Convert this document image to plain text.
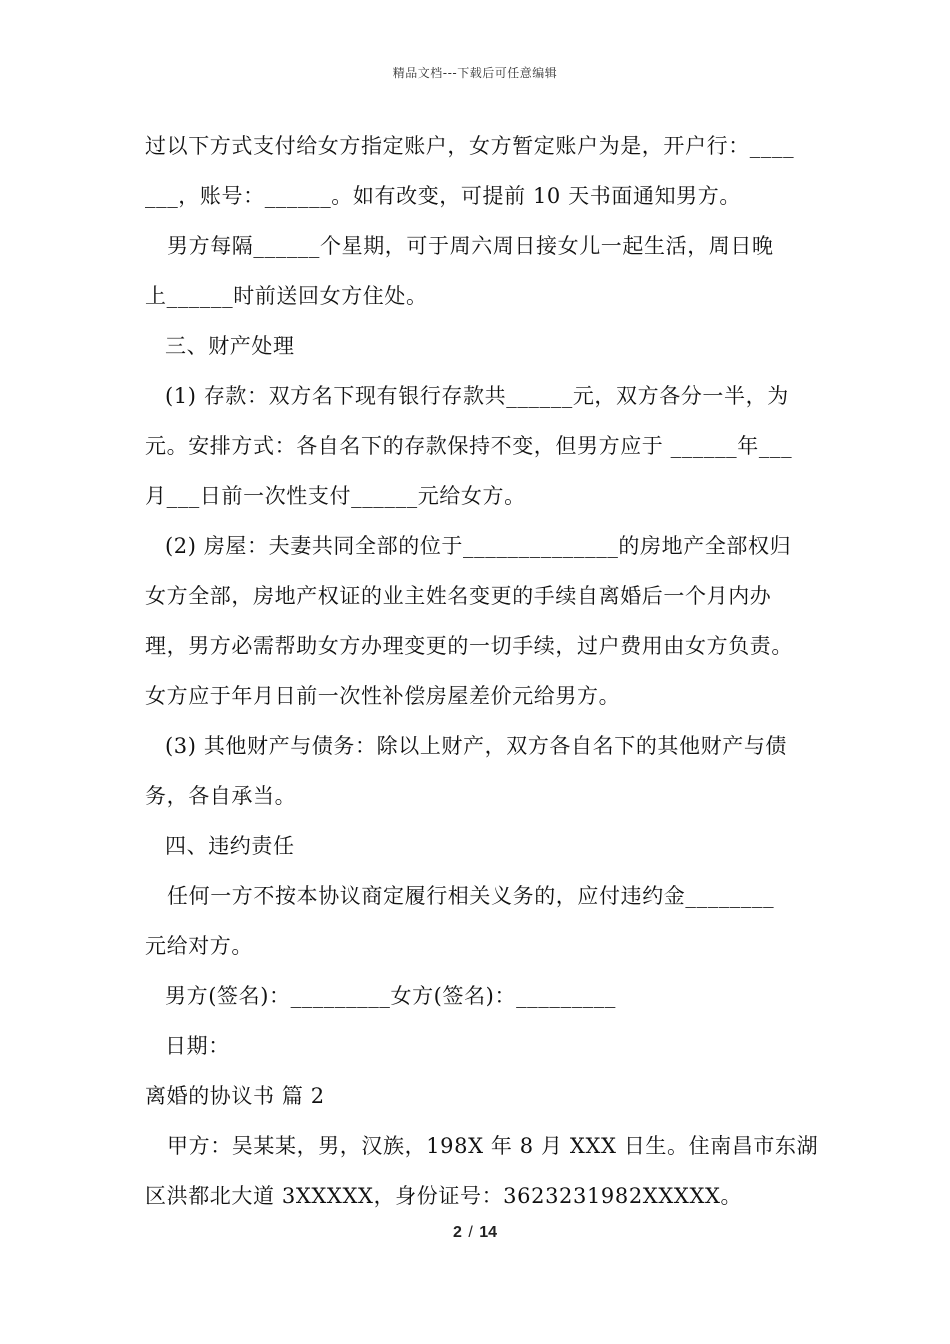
精品文档---下载后可任意编辑
过以下方式支付给女方指定账户，女方暂定账户为是，开户行：____
___，账号：______。如有改变，可提前 10 天书面通知男方。
男方每隔______个星期，可于周六周日接女儿一起生活，周日晚
上______时前送回女方住处。
三、财产处理
(1) 存款：双方名下现有银行存款共______元，双方各分一半，为
元。安排方式：各自名下的存款保持不变，但男方应于 ______年___
月___日前一次性支付______元给女方。
(2) 房屋：夫妻共同全部的位于______________的房地产全部权归
女方全部，房地产权证的业主姓名变更的手续自离婚后一个月内办
理，男方必需帮助女方办理变更的一切手续，过户费用由女方负责。
女方应于年月日前一次性补偿房屋差价元给男方。
(3) 其他财产与债务：除以上财产，双方各自名下的其他财产与债
务，各自承当。
四、违约责任
任何一方不按本协议商定履行相关义务的，应付违约金________
元给对方。
男方(签名)：_________女方(签名)：_________
日期：
离婚的协议书 篇 2
甲方：吴某某，男，汉族，198X 年 8 月 XXX 日生。住南昌市东湖
区洪都北大道 3XXXXX，身份证号：3623231982XXXXX。
2 / 14
